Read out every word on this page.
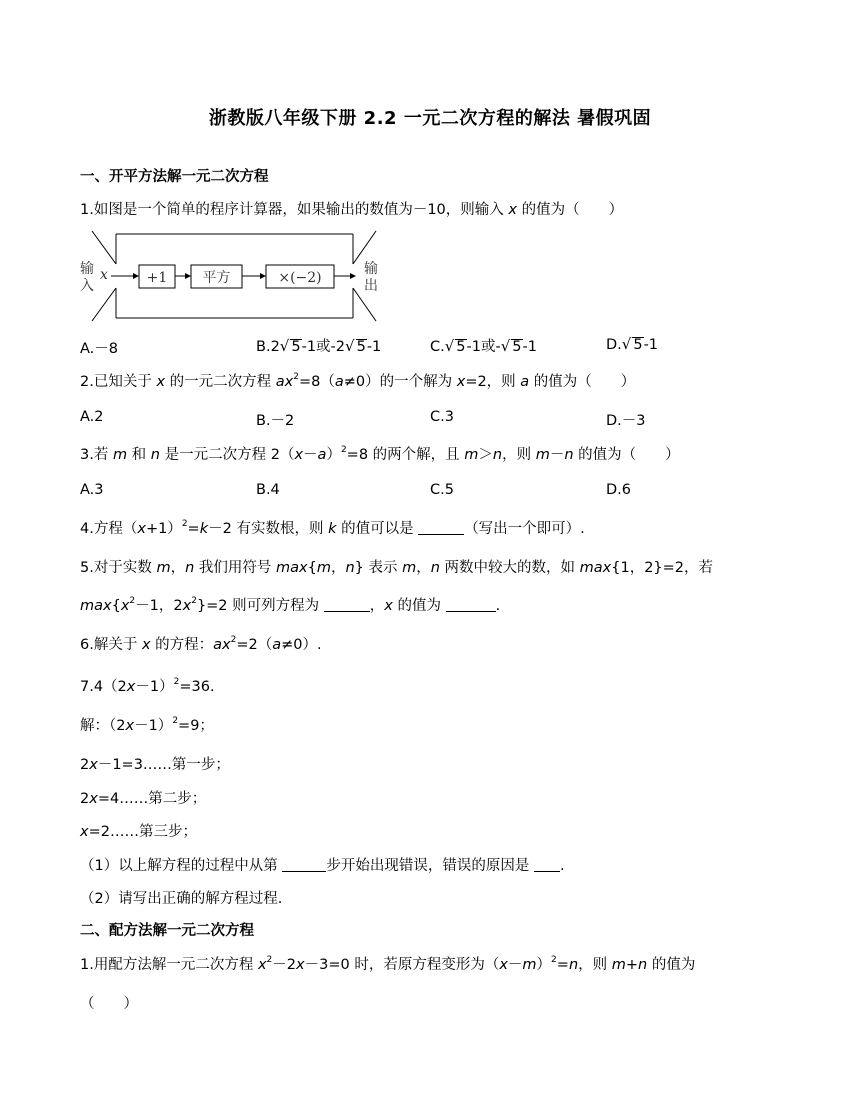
浙教版八年级下册 2.2 一元二次方程的解法 暑假巩固
一、开平方法解一元二次方程
1.如图是一个简单的程序计算器，如果输出的数值为－10，则输入 x 的值为（　　）
输
入
x	+1	平方	×(−2)
输
出
A.－8	B.2√ 5-1或-2√ 5-1	C.√ 5-1或-√ 5-1	D.√ 5-1
2.已知关于 x 的一元二次方程 $ax^2=8(a\ne 0)$的一个解为 x=2，则 a 的值为（　　）
A.2	B.－2	C.3	D.－3
3.若 m 和 n 是一元二次方程 $2(x-a)^2=8$ 的两个解，且 m＞n，则 m－n 的值为（　　）
A.3	B.4	C.5	D.6
4.方程$(x+1)^2=k-2$ 有实数根，则 k 的值可以是	（写出一个即可）.
5.对于实数 m，n 我们用符号 max{m，n} 表示 m，n 两数中较大的数，如 max{1，2}=2，若
$\max\{x^2-1$，$2x^2\}=2$ 则可列方程为	，x 的值为	.
6.解关于 x 的方程：$ax^2=2(a\ne 0)$.
$7.4(2x-1)^2=36$.
解：$(2x-1)^2=9$；
2x－1=3……第一步；
2x=4……第二步；
x=2……第三步；
（1）以上解方程的过程中从第	步开始出现错误，错误的原因是 .
（2）请写出正确的解方程过程.
二、配方法解一元二次方程
1.用配方法解一元二次方程 $x^2-2x-3=0$ 时，若原方程变形为$(x-m)^2=n$，则 m+n 的值为
（　　）
